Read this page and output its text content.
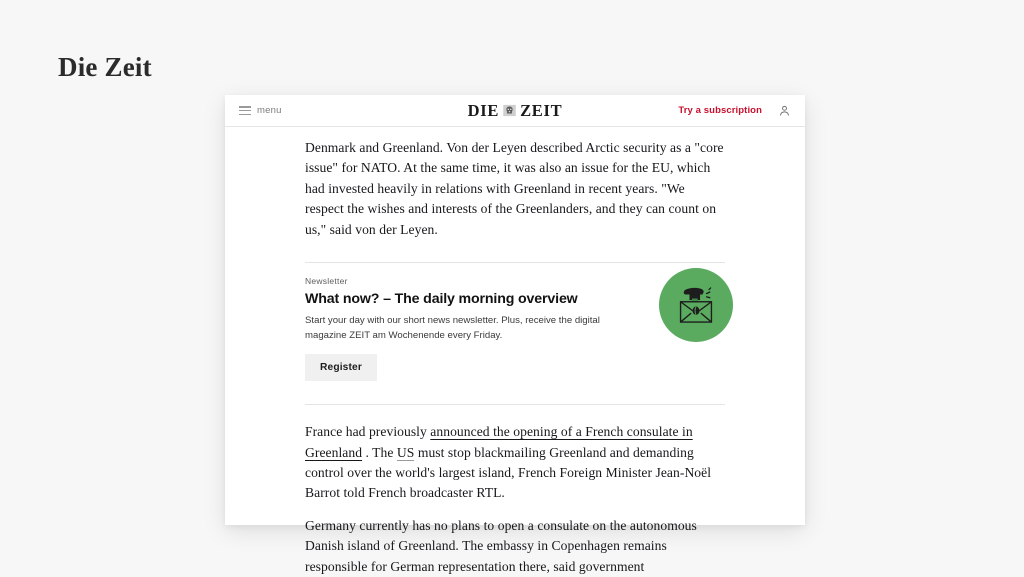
Die Zeit
menu	DIE ZEIT	Try a subscription

Denmark and Greenland. Von der Leyen described Arctic security as a "core issue" for NATO. At the same time, it was also an issue for the EU, which had invested heavily in relations with Greenland in recent years. "We respect the wishes and interests of the Greenlanders, and they can count on us," said von der Leyen.

Newsletter
What now? – The daily morning overview
Start your day with our short news newsletter. Plus, receive the digital magazine ZEIT am Wochenende every Friday.
Register

France had previously announced the opening of a French consulate in Greenland . The US must stop blackmailing Greenland and demanding control over the world's largest island, French Foreign Minister Jean-Noël Barrot told French broadcaster RTL.

Germany currently has no plans to open a consulate on the autonomous Danish island of Greenland. The embassy in Copenhagen remains responsible for German representation there, said government
